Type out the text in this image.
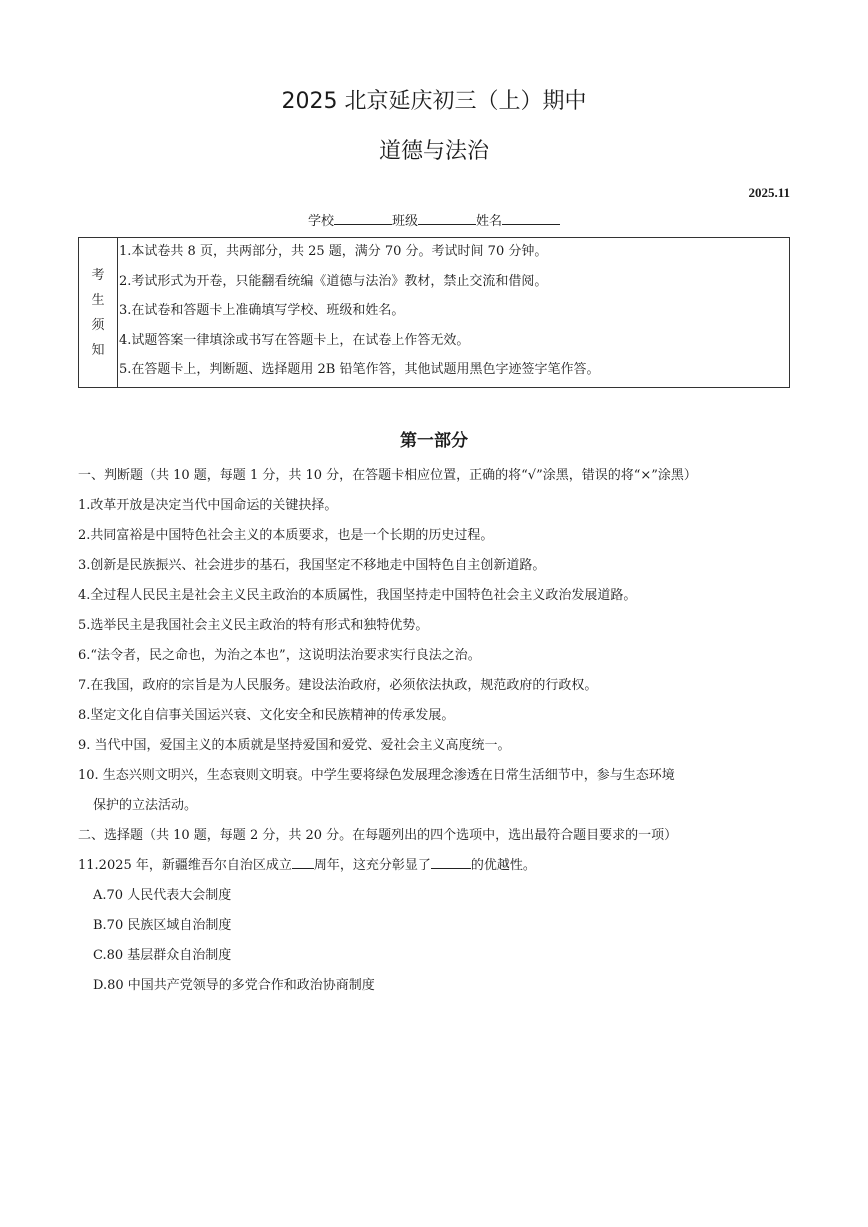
2025 北京延庆初三（上）期中
道德与法治
2025.11
学校	班级	姓名
考
生
须
知
1.本试卷共 8 页，共两部分，共 25 题，满分 70 分。考试时间 70 分钟。
2.考试形式为开卷，只能翻看统编《道德与法治》教材，禁止交流和借阅。
3.在试卷和答题卡上准确填写学校、班级和姓名。
4.试题答案一律填涂或书写在答题卡上，在试卷上作答无效。
5.在答题卡上，判断题、选择题用 2B 铅笔作答，其他试题用黑色字迹签字笔作答。
第一部分
一、判断题（共 10 题，每题 1 分，共 10 分，在答题卡相应位置，正确的将“√”涂黑，错误的将“×”涂黑）
1.改革开放是决定当代中国命运的关键抉择。
2.共同富裕是中国特色社会主义的本质要求，也是一个长期的历史过程。
3.创新是民族振兴、社会进步的基石，我国坚定不移地走中国特色自主创新道路。
4.全过程人民民主是社会主义民主政治的本质属性，我国坚持走中国特色社会主义政治发展道路。
5.选举民主是我国社会主义民主政治的特有形式和独特优势。
6.“法令者，民之命也，为治之本也”，这说明法治要求实行良法之治。
7.在我国，政府的宗旨是为人民服务。建设法治政府，必须依法执政，规范政府的行政权。
8.坚定文化自信事关国运兴衰、文化安全和民族精神的传承发展。
9. 当代中国，爱国主义的本质就是坚持爱国和爱党、爱社会主义高度统一。
10. 生态兴则文明兴，生态衰则文明衰。中学生要将绿色发展理念渗透在日常生活细节中，参与生态环境
保护的立法活动。
二、选择题（共 10 题，每题 2 分，共 20 分。在每题列出的四个选项中，选出最符合题目要求的一项）
11.2025 年，新疆维吾尔自治区成立 周年，这充分彰显了	的优越性。
A.70 人民代表大会制度
B.70 民族区域自治制度
C.80 基层群众自治制度
D.80 中国共产党领导的多党合作和政治协商制度
